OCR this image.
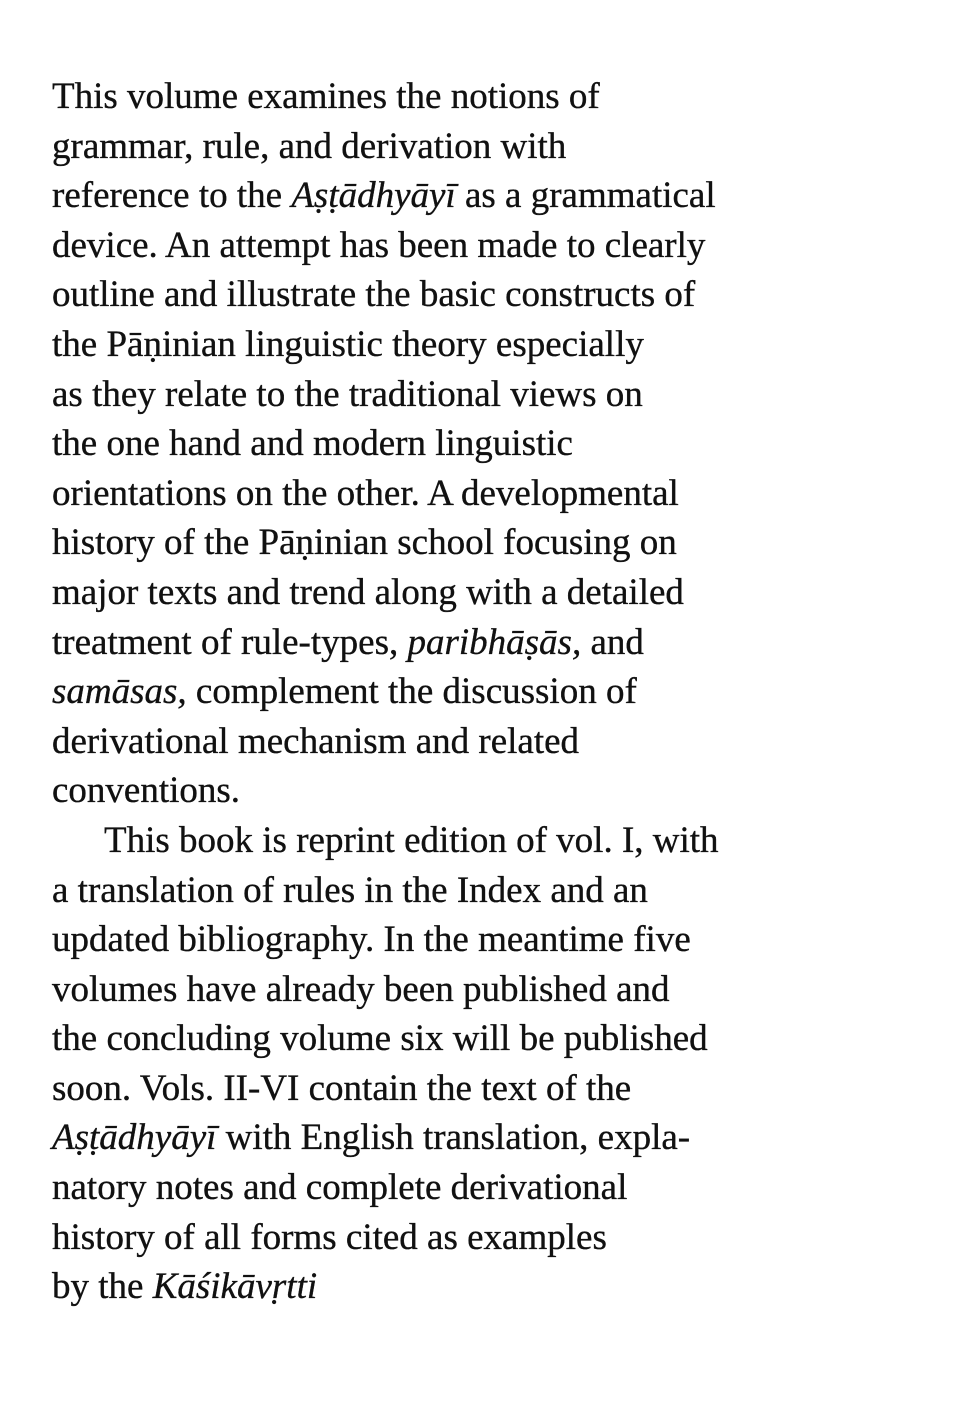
This volume examines the notions of
grammar, rule, and derivation with
reference to the Aṣṭādhyāyī as a grammatical
device. An attempt has been made to clearly
outline and illustrate the basic constructs of
the Pāṇinian linguistic theory especially
as they relate to the traditional views on
the one hand and modern linguistic
orientations on the other. A developmental
history of the Pāṇinian school focusing on
major texts and trend along with a detailed
treatment of rule-types, paribhāṣās, and
samāsas, complement the discussion of
derivational mechanism and related
conventions.
This book is reprint edition of vol. I, with
a translation of rules in the Index and an
updated bibliography. In the meantime five
volumes have already been published and
the concluding volume six will be published
soon. Vols. II-VI contain the text of the
Aṣṭādhyāyī with English translation, expla-
natory notes and complete derivational
history of all forms cited as examples
by the Kāśikāvṛtti
